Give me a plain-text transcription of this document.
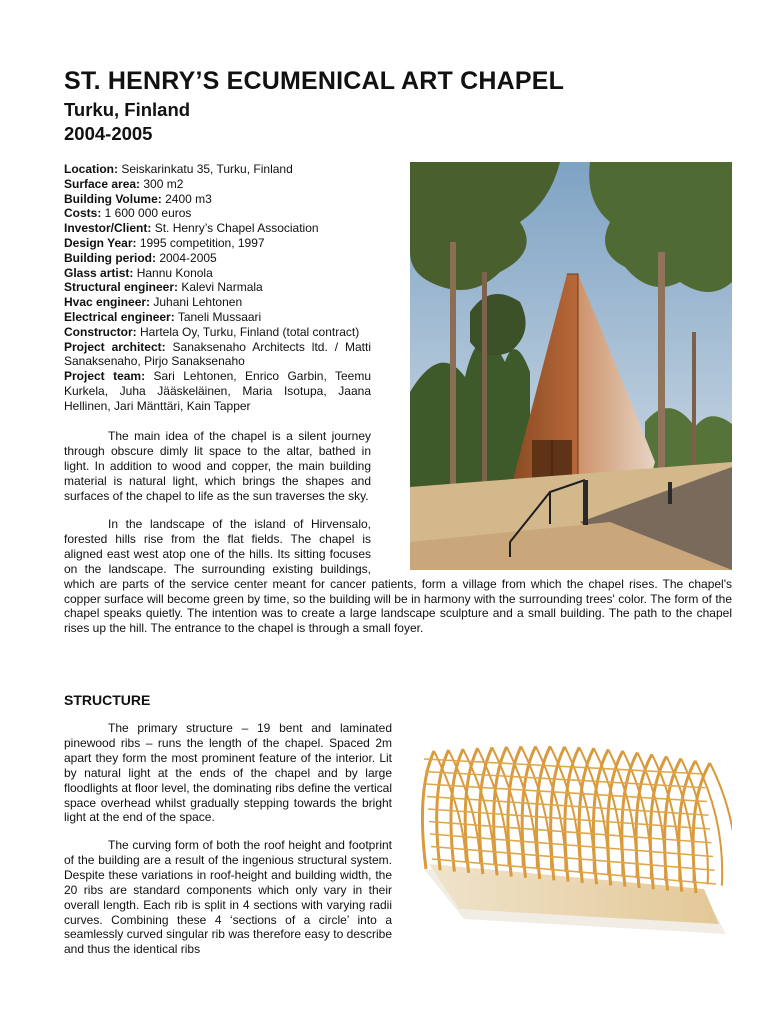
ST. HENRY’S ECUMENICAL ART CHAPEL
Turku, Finland
2004-2005
Location: Seiskarinkatu 35, Turku, Finland
Surface area: 300 m2
Building Volume: 2400 m3
Costs: 1 600 000 euros
Investor/Client: St. Henry’s Chapel Association
Design Year: 1995 competition, 1997
Building period: 2004-2005
Glass artist: Hannu Konola
Structural engineer: Kalevi Narmala
Hvac engineer: Juhani Lehtonen
Electrical engineer: Taneli Mussaari
Constructor: Hartela Oy, Turku, Finland (total contract)
Project architect: Sanaksenaho Architects ltd. / Matti Sanaksenaho, Pirjo Sanaksenaho
Project team: Sari Lehtonen, Enrico Garbin, Teemu Kurkela, Juha Jääskeläinen, Maria Isotupa, Jaana Hellinen, Jari Mänttäri, Kain Tapper

The main idea of the chapel is a silent journey through obscure dimly lit space to the altar, bathed in light. In addition to wood and copper, the main building material is natural light, which brings the shapes and surfaces of the chapel to life as the sun traverses the sky.

In the landscape of the island of Hirvensalo, forested hills rise from the flat fields. The chapel is aligned east west atop one of the hills. Its sitting focuses on the landscape. The surrounding existing buildings, which are parts of the service center meant for cancer patients, form a village from which the chapel rises. The chapel's copper surface will become green by time, so the building will be in harmony with the surrounding trees' color. The form of the chapel speaks quietly. The intention was to create a large landscape sculpture and a small building. The path to the chapel rises up the hill. The entrance to the chapel is through a small foyer.
STRUCTURE

The primary structure – 19 bent and laminated pinewood ribs – runs the length of the chapel. Spaced 2m apart they form the most prominent feature of the interior. Lit by natural light at the ends of the chapel and by large floodlights at floor level, the dominating ribs define the vertical space overhead whilst gradually stepping towards the bright light at the end of the space.

The curving form of both the roof height and footprint of the building are a result of the ingenious structural system. Despite these variations in roof-height and building width, the 20 ribs are standard components which only vary in their overall length. Each rib is split in 4 sections with varying radii curves. Combining these 4 ‘sections of a circle’ into a seamlessly curved singular rib was therefore easy to describe and thus the identical ribs
